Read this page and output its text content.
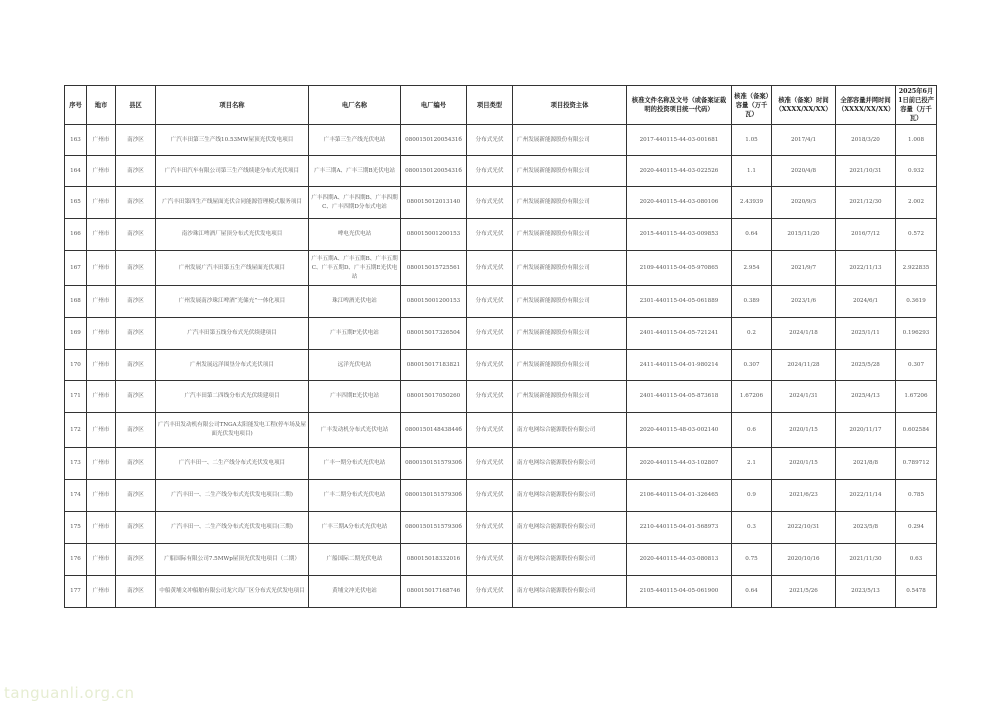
序号	地市	县区	项目名称	电厂名称	电厂编号	项目类型	项目投资主体	核准文件名称及文号（或备案证裁明的投资项目统一代码）	核准（备案）容量（万千瓦）	核准（备案）时间（XXXX/XX/XX）	全部容量并网时间（XXXX/XX/XX）	2025年6月1日前已投产容量（万千瓦）
163	广州市	南沙区	广汽丰田第三生产线10.53MW屋顶光伏发电项目	广丰第三生产线光伏电站	080015012005431б	分布式光伏	广州发展新能源股份有限公司	2017-440115-44-03-001681	1.05	2017/4/1	2018/3/20	1.008
164	广州市	南沙区	广汽丰田汽车有限公司第三生产线续建分布式光伏项目	广丰三期A、广丰三期B光伏电站	080015012005431б	分布式光伏	广州发展新能源股份有限公司	2020-440115-44-03-022526	1.1	2020/4/8	2021/10/31	0.932
165	广州市	南沙区	广汽丰田第四生产线屋面光伏合同能源管理模式服务项目	广丰四期A、广丰四期B、广丰四期C、广丰四期D分布式电站	080015012013140	分布式光伏	广州发展新能源股份有限公司	2020-440115-44-03-080106	2.43939	2020/9/3	2021/12/30	2.002
166	广州市	南沙区	南沙珠江啤酒厂屋顶分布式光伏发电项目	啤电光伏电站	080015001200153	分布式光伏	广州发展新能源股份有限公司	2015-440115-44-03-009853	0.64	2015/11/20	2016/7/12	0.572
167	广州市	南沙区	广州发展广汽丰田第五生产线屋面光伏项目	广丰五期A、广丰五期B、广丰五期C、广丰五期D、广丰五期E光伏电站	080015015725561	分布式光伏	广州发展新能源股份有限公司	2109-440115-04-05-970865	2.954	2021/9/7	2022/11/13	2.922835
168	广州市	南沙区	广州发展南沙珠江啤酒“光储充”一体化项目	珠江啤酒光伏电站	080015001200153	分布式光伏	广州发展新能源股份有限公司	2301-440115-04-05-061889	0.389	2023/1/6	2024/6/1	0.3619
169	广州市	南沙区	广汽丰田第五线分布式光伏续建项目	广丰五期F光伏电站	080015017326504	分布式光伏	广州发展新能源股份有限公司	2401-440115-04-05-721241	0.2	2024/1/18	2025/1/11	0.196293
170	广州市	南沙区	广州发展远洋围垦分布式光伏项目	远洋光伏电站	080015017183821	分布式光伏	广州发展新能源股份有限公司	2411-440115-04-01-980214	0.307	2024/11/28	2025/5/28	0.307
171	广州市	南沙区	广汽丰田第二四线分布式光伏续建项目	广丰四期E光伏电站	080015017050260	分布式光伏	广州发展新能源股份有限公司	2401-440115-04-05-873618	1.67206	2024/1/31	2025/4/13	1.67206
172	广州市	南沙区	广汽丰田发动机有限公司TNGA太阳能发电工程(停车场及屋面光伏发电项目)	广丰发动机分布式光伏电站	080015014843844б	分布式光伏	南方电网综合能源股份有限公司	2020-440115-48-03-002140	0.6	2020/1/15	2020/11/17	0.602584
173	广州市	南沙区	广汽丰田一、二生产线分布式光伏发电项目	广丰一期分布式光伏电站	080015015157930б	分布式光伏	南方电网综合能源股份有限公司	2020-440115-44-03-102807	2.1	2020/1/15	2021/8/8	0.789712
174	广州市	南沙区	广汽丰田一、二生产线分布式光伏发电项目(二期)	广丰二期分布式光伏电站	080015015157930б	分布式光伏	南方电网综合能源股份有限公司	2106-440115-04-01-326465	0.9	2021/6/23	2022/11/14	0.785
175	广州市	南沙区	广汽丰田一、二生产线分布式光伏发电项目(三期)	广丰三期A分布式光伏电站	080015015157930б	分布式光伏	南方电网综合能源股份有限公司	2210-440115-04-01-568973	0.3	2022/10/31	2023/5/8	0.294
176	广州市	南沙区	广船国际有限公司7.5MWp屋顶光伏发电项目（二期）	广船国际二期光伏电站	080015018332016	分布式光伏	南方电网综合能源股份有限公司	2020-440115-44-03-080813	0.75	2020/10/16	2021/11/30	0.63
177	广州市	南沙区	中船黄埔文冲船舶有限公司龙穴岛厂区分布式光伏发电项目	黄埔文冲光伏电站	080015017168746	分布式光伏	南方电网综合能源股份有限公司	2105-440115-04-05-061900	0.64	2021/5/26	2023/5/13	0.5478
tanguanli.org.cn
